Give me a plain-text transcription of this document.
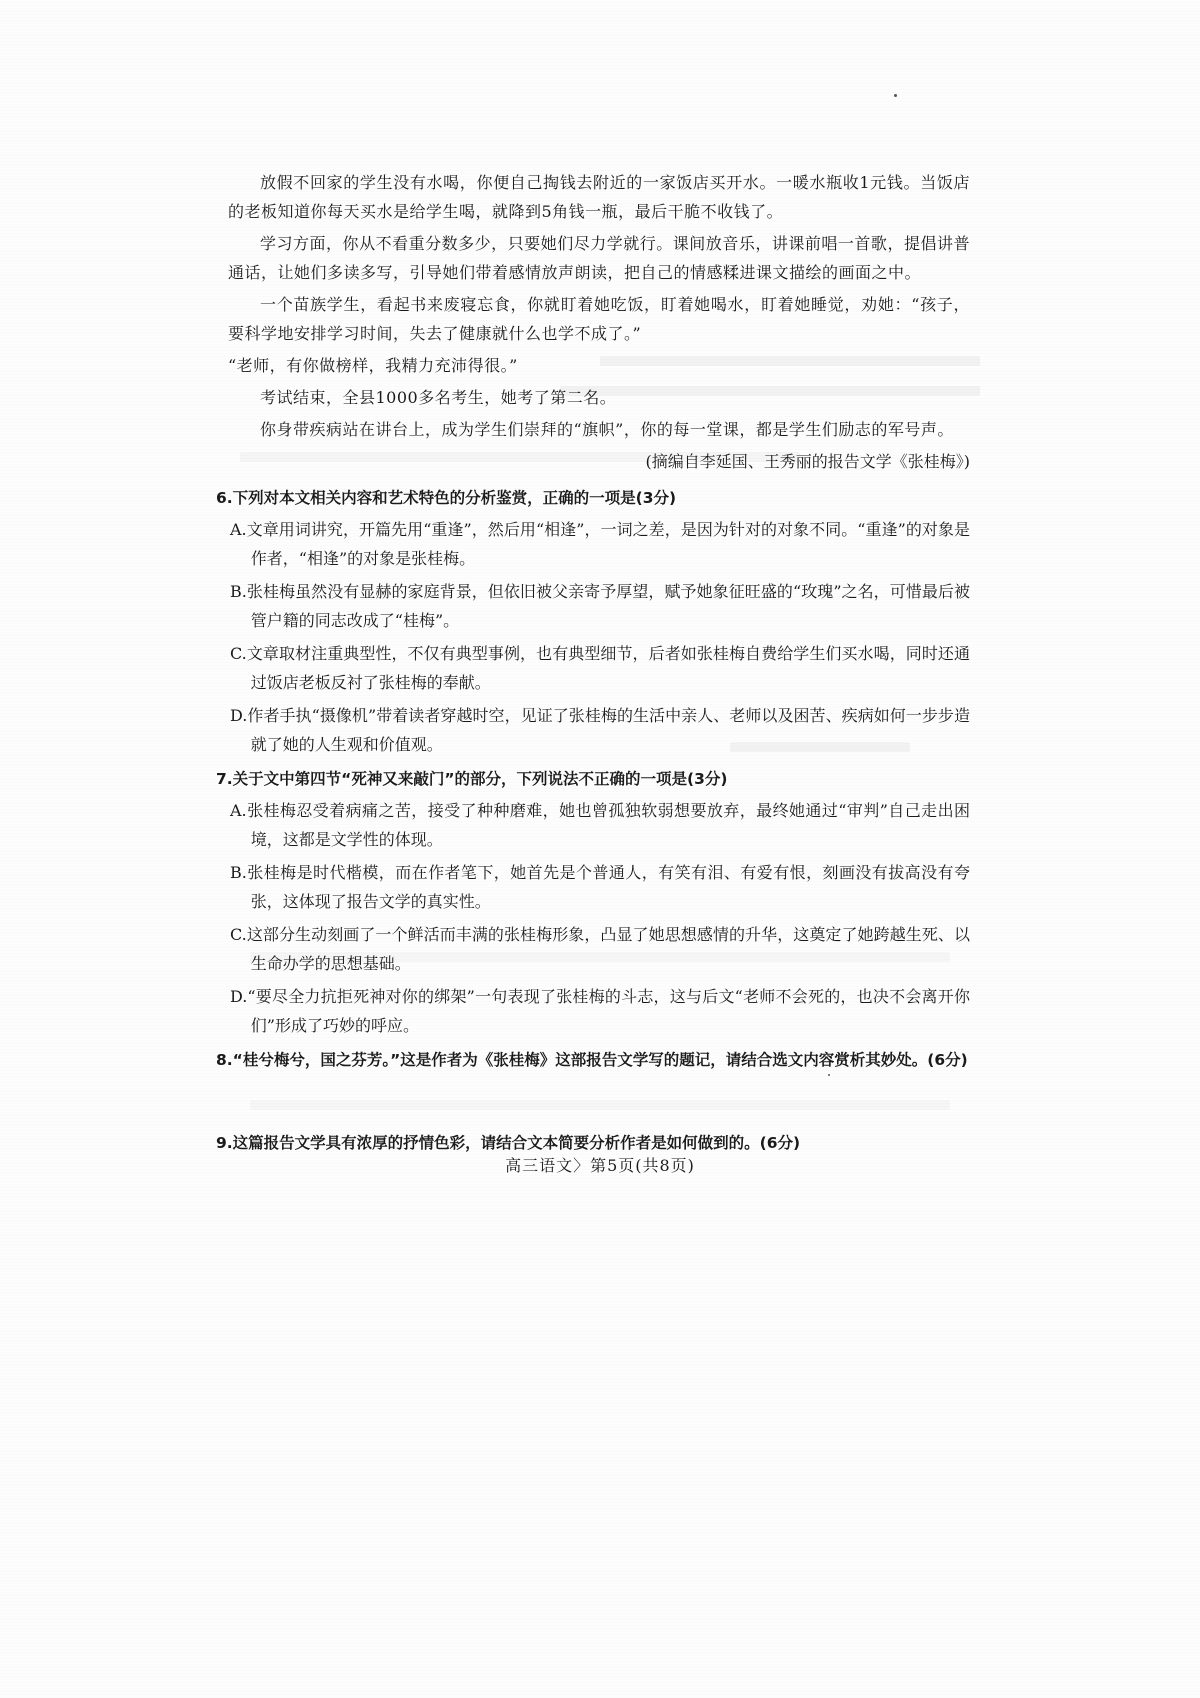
放假不回家的学生没有水喝，你便自己掏钱去附近的一家饭店买开水。一暖水瓶收1元钱。当饭店的老板知道你每天买水是给学生喝，就降到5角钱一瓶，最后干脆不收钱了。

学习方面，你从不看重分数多少，只要她们尽力学就行。课间放音乐，讲课前唱一首歌，提倡讲普通话，让她们多读多写，引导她们带着感情放声朗读，把自己的情感糅进课文描绘的画面之中。

一个苗族学生，看起书来废寝忘食，你就盯着她吃饭，盯着她喝水，盯着她睡觉，劝她：“孩子，要科学地安排学习时间，失去了健康就什么也学不成了。”

“老师，有你做榜样，我精力充沛得很。”

考试结束，全县1000多名考生，她考了第二名。

你身带疾病站在讲台上，成为学生们崇拜的“旗帜”，你的每一堂课，都是学生们励志的军号声。

(摘编自李延国、王秀丽的报告文学《张桂梅》)

6.下列对本文相关内容和艺术特色的分析鉴赏，正确的一项是(3分)
A.文章用词讲究，开篇先用“重逢”，然后用“相逢”，一词之差，是因为针对的对象不同。“重逢”的对象是作者，“相逢”的对象是张桂梅。
B.张桂梅虽然没有显赫的家庭背景，但依旧被父亲寄予厚望，赋予她象征旺盛的“玫瑰”之名，可惜最后被管户籍的同志改成了“桂梅”。
C.文章取材注重典型性，不仅有典型事例，也有典型细节，后者如张桂梅自费给学生们买水喝，同时还通过饭店老板反衬了张桂梅的奉献。
D.作者手执“摄像机”带着读者穿越时空，见证了张桂梅的生活中亲人、老师以及困苦、疾病如何一步步造就了她的人生观和价值观。
7.关于文中第四节“死神又来敲门”的部分，下列说法不正确的一项是(3分)
A.张桂梅忍受着病痛之苦，接受了种种磨难，她也曾孤独软弱想要放弃，最终她通过“审判”自己走出困境，这都是文学性的体现。
B.张桂梅是时代楷模，而在作者笔下，她首先是个普通人，有笑有泪、有爱有恨，刻画没有拔高没有夸张，这体现了报告文学的真实性。
C.这部分生动刻画了一个鲜活而丰满的张桂梅形象，凸显了她思想感情的升华，这奠定了她跨越生死、以生命办学的思想基础。
D.“要尽全力抗拒死神对你的绑架”一句表现了张桂梅的斗志，这与后文“老师不会死的，也决不会离开你们”形成了巧妙的呼应。
8.“桂兮梅兮，国之芬芳。”这是作者为《张桂梅》这部报告文学写的题记，请结合选文内容赏析其妙处。(6分)
9.这篇报告文学具有浓厚的抒情色彩，请结合文本简要分析作者是如何做到的。(6分)
高三语文〉第5页(共8页)
